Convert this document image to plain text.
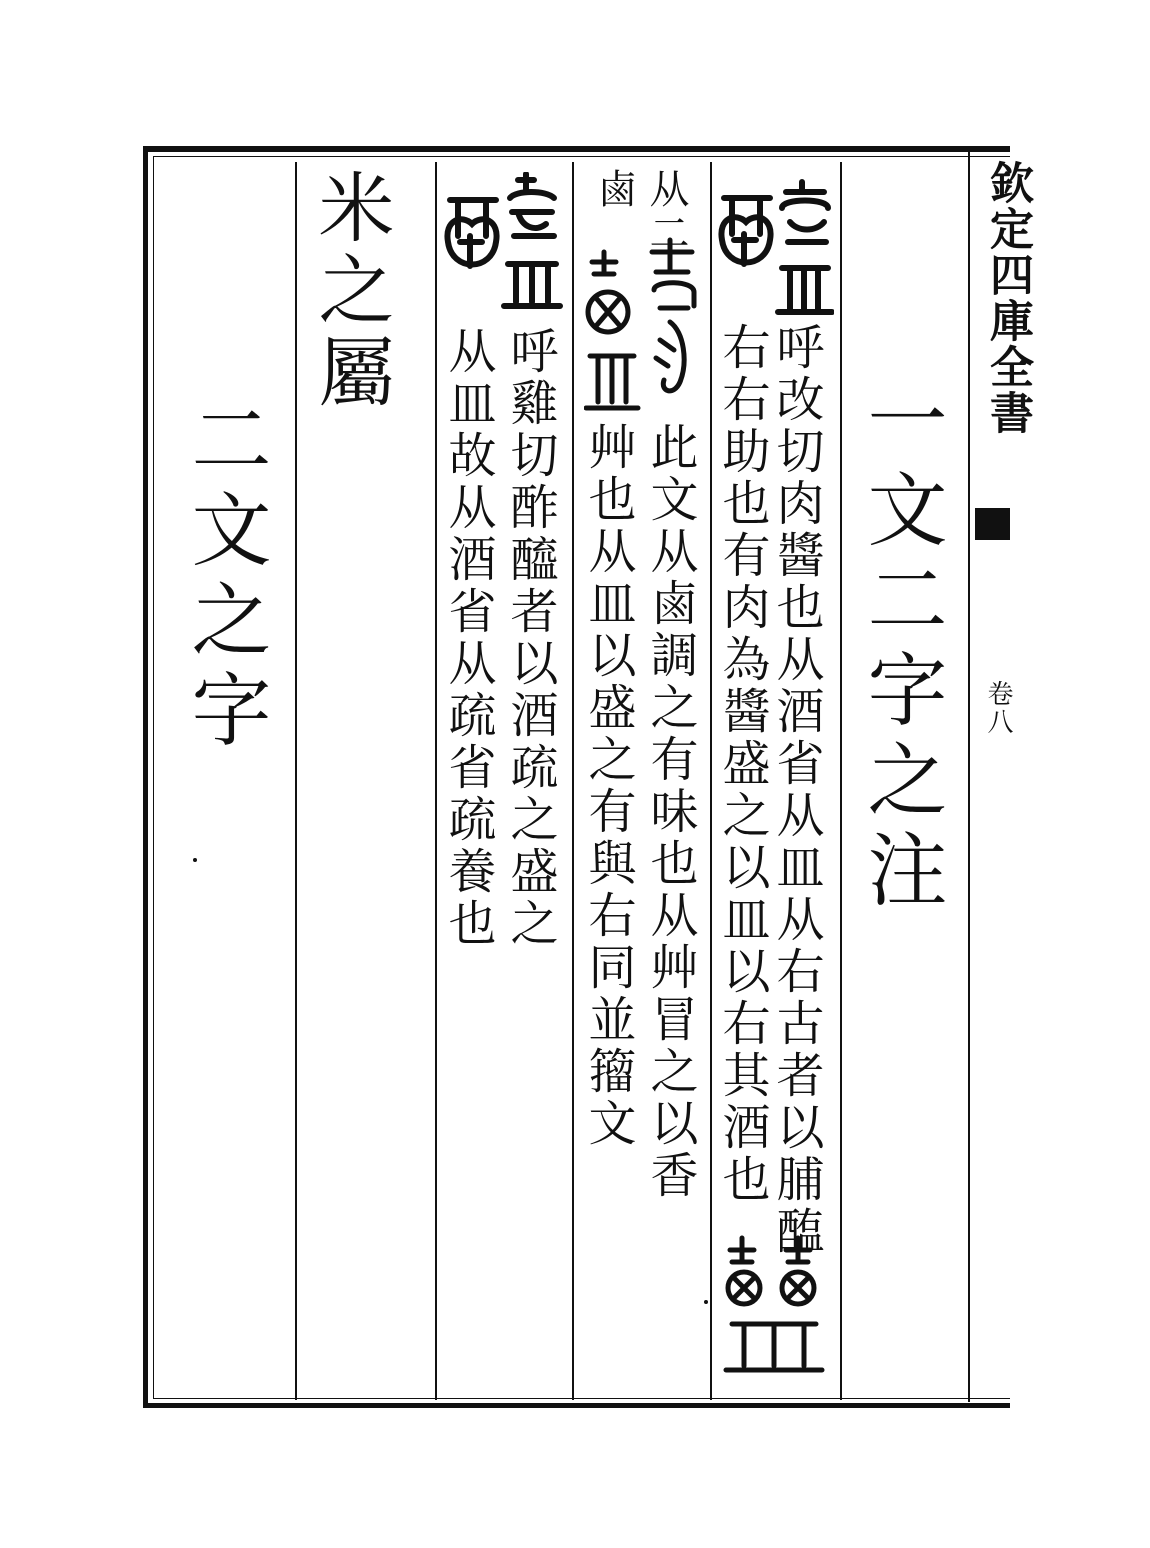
欽定四庫全書
卷八
一文二字之注
呼改切肉醬也从酒省从皿从右古者以脯醢
右右助也有肉為醬盛之以皿以右其酒也
从二
鹵
此文从鹵調之有味也从艸冒之以香
艸也从皿以盛之有與右同並籀文
呼雞切酢醯者以酒疏之盛之
从皿故从酒省从疏省疏養也
米之屬
二文之字
